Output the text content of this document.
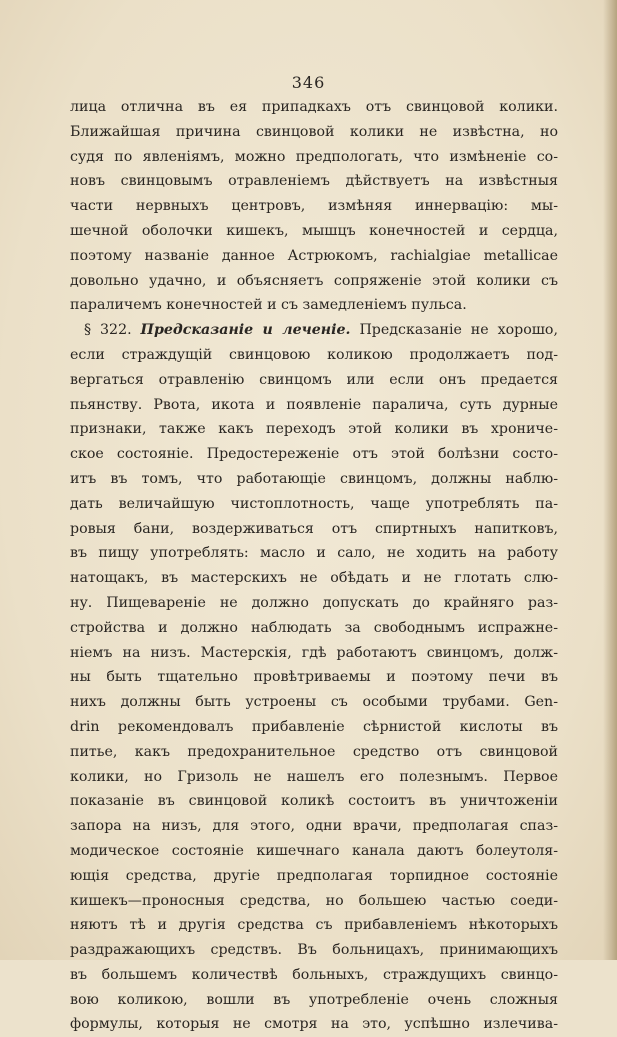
346
лица отлична въ ея припадкахъ отъ свинцовой колики.
Ближайшая причина свинцовой колики не извѣстна, но
судя по явленіямъ, можно предпологать, что измѣненіе со-
новъ свинцовымъ отравленіемъ дѣйствуетъ на извѣстныя
части нервныхъ центровъ, измѣняя иннервацію: мы-
шечной оболочки кишекъ, мышцъ конечностей и сердца,
поэтому названіе данное Астрюкомъ, rachialgiae metallicae
довольно удачно, и объясняетъ сопряженіе этой колики съ
параличемъ конечностей и съ замедленіемъ пульса.
§ 322. Предсказаніе и леченіе. Предсказаніе не хорошо,
если страждущій свинцовою коликою продолжаетъ под-
вергаться отравленію свинцомъ или если онъ предается
пьянству. Рвота, икота и появленіе паралича, суть дурные
признаки, также какъ переходъ этой колики въ хрониче-
ское состояніе. Предостереженіе отъ этой болѣзни состо-
итъ въ томъ, что работающіе свинцомъ, должны наблю-
дать величайшую чистоплотность, чаще употреблять па-
ровыя бани, воздерживаться отъ спиртныхъ напитковъ,
въ пищу употреблять: масло и сало, не ходить на работу
натощакъ, въ мастерскихъ не обѣдать и не глотать слю-
ну. Пищевареніе не должно допускать до крайняго раз-
стройства и должно наблюдать за свободнымъ испражне-
ніемъ на низъ. Мастерскія, гдѣ работаютъ свинцомъ, долж-
ны быть тщательно провѣтриваемы и поэтому печи въ
нихъ должны быть устроены съ особыми трубами. Gen-
drin рекомендовалъ прибавленіе сѣрнистой кислоты въ
питье, какъ предохранительное средство отъ свинцовой
колики, но Гризоль не нашелъ его полезнымъ. Первое
показаніе въ свинцовой коликѣ состоитъ въ уничтоженіи
запора на низъ, для этого, одни врачи, предполагая спаз-
модическое состояніе кишечнаго канала даютъ болеутоля-
ющія средства, другіе предполагая торпидное состояніе
кишекъ—проносныя средства, но большею частью соеди-
няютъ тѣ и другія средства съ прибавленіемъ нѣкоторыхъ
раздражающихъ средствъ. Въ больницахъ, принимающихъ
въ большемъ количествѣ больныхъ, страждущихъ свинцо-
вою коликою, вошли въ употребленіе очень сложныя
формулы, которыя не смотря на это, успѣшно излечива-
